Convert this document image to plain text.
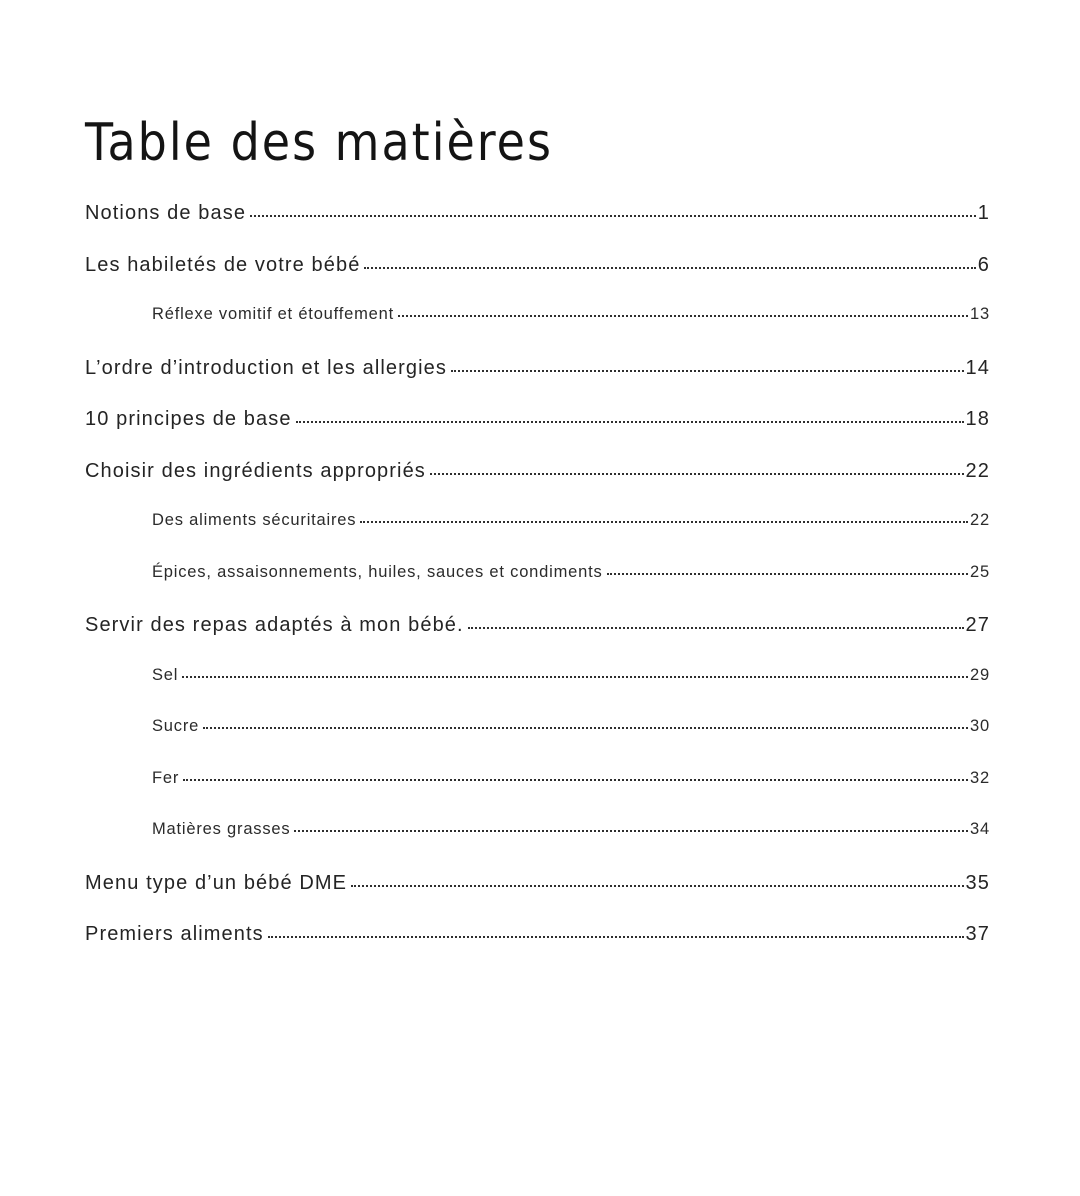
Table des matières
Notions de base	1
Les habiletés de votre bébé	6
Réflexe vomitif et étouffement	13
L’ordre d’introduction et les allergies	14
10 principes de base	18
Choisir des ingrédients appropriés	22
Des aliments sécuritaires	22
Épices, assaisonnements, huiles, sauces et condiments	25
Servir des repas adaptés à mon bébé.	27
Sel	29
Sucre	30
Fer	32
Matières grasses	34
Menu type d’un bébé DME	35
Premiers aliments	37
